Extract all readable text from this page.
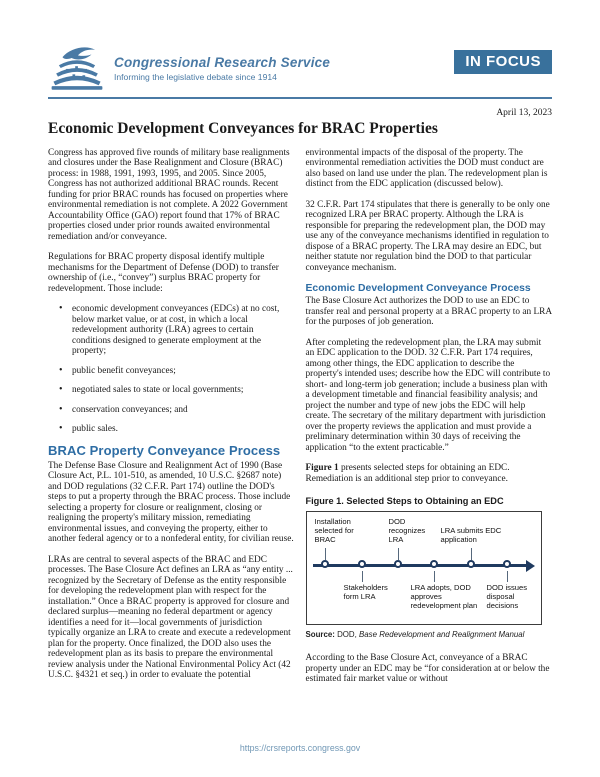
Congressional Research Service
Informing the legislative debate since 1914
IN FOCUS
April 13, 2023
Economic Development Conveyances for BRAC Properties

Congress has approved five rounds of military base realignments and closures under the Base Realignment and Closure (BRAC) process: in 1988, 1991, 1993, 1995, and 2005. Since 2005, Congress has not authorized additional BRAC rounds. Recent funding for prior BRAC rounds has focused on properties where environmental remediation is not complete. A 2022 Government Accountability Office (GAO) report found that 17% of BRAC properties closed under prior rounds awaited environmental remediation and/or conveyance.

Regulations for BRAC property disposal identify multiple mechanisms for the Department of Defense (DOD) to transfer ownership of (i.e., “convey”) surplus BRAC property for redevelopment. Those include:

• economic development conveyances (EDCs) at no cost, below market value, or at cost, in which a local redevelopment authority (LRA) agrees to certain conditions designed to generate employment at the property;
• public benefit conveyances;
• negotiated sales to state or local governments;
• conservation conveyances; and
• public sales.
BRAC Property Conveyance Process

The Defense Base Closure and Realignment Act of 1990 (Base Closure Act, P.L. 101-510, as amended, 10 U.S.C. §2687 note) and DOD regulations (32 C.F.R. Part 174) outline the DOD's steps to put a property through the BRAC process. Those include selecting a property for closure or realignment, closing or realigning the property's military mission, remediating environmental issues, and conveying the property, either to another federal agency or to a nonfederal entity, for civilian reuse.

LRAs are central to several aspects of the BRAC and EDC processes. The Base Closure Act defines an LRA as “any entity ... recognized by the Secretary of Defense as the entity responsible for developing the redevelopment plan with respect for the installation.” Once a BRAC property is approved for closure and declared surplus—meaning no federal department or agency identifies a need for it—local governments of jurisdiction typically organize an LRA to create and execute a redevelopment plan for the property. Once finalized, the DOD also uses the redevelopment plan as its basis to prepare the environmental review analysis under the National Environmental Policy Act (42 U.S.C. §4321 et seq.) in order to evaluate the potential

environmental impacts of the disposal of the property. The environmental remediation activities the DOD must conduct are also based on land use under the plan. The redevelopment plan is distinct from the EDC application (discussed below).

32 C.F.R. Part 174 stipulates that there is generally to be only one recognized LRA per BRAC property. Although the LRA is responsible for preparing the redevelopment plan, the DOD may use any of the conveyance mechanisms identified in regulation to dispose of a BRAC property. The LRA may desire an EDC, but neither statute nor regulation bind the DOD to that particular conveyance mechanism.

Economic Development Conveyance Process

The Base Closure Act authorizes the DOD to use an EDC to transfer real and personal property at a BRAC property to an LRA for the purposes of job generation.

After completing the redevelopment plan, the LRA may submit an EDC application to the DOD. 32 C.F.R. Part 174 requires, among other things, the EDC application to describe the property's intended uses; describe how the EDC will contribute to short- and long-term job generation; include a business plan with a development timetable and financial feasibility analysis; and project the number and type of new jobs the EDC will help create. The secretary of the military department with jurisdiction over the property reviews the application and must provide a preliminary determination within 30 days of receiving the application “to the extent practicable.”

Figure 1 presents selected steps for obtaining an EDC. Remediation is an additional step prior to conveyance.

Figure 1. Selected Steps to Obtaining an EDC
Installation selected for BRAC
DOD recognizes LRA
LRA submits EDC application
Stakeholders form LRA
LRA adopts, DOD approves redevelopment plan
DOD issues disposal decisions
Source: DOD, Base Redevelopment and Realignment Manual

According to the Base Closure Act, conveyance of a BRAC property under an EDC may be “for consideration at or below the estimated fair market value or without

https://crsreports.congress.gov
